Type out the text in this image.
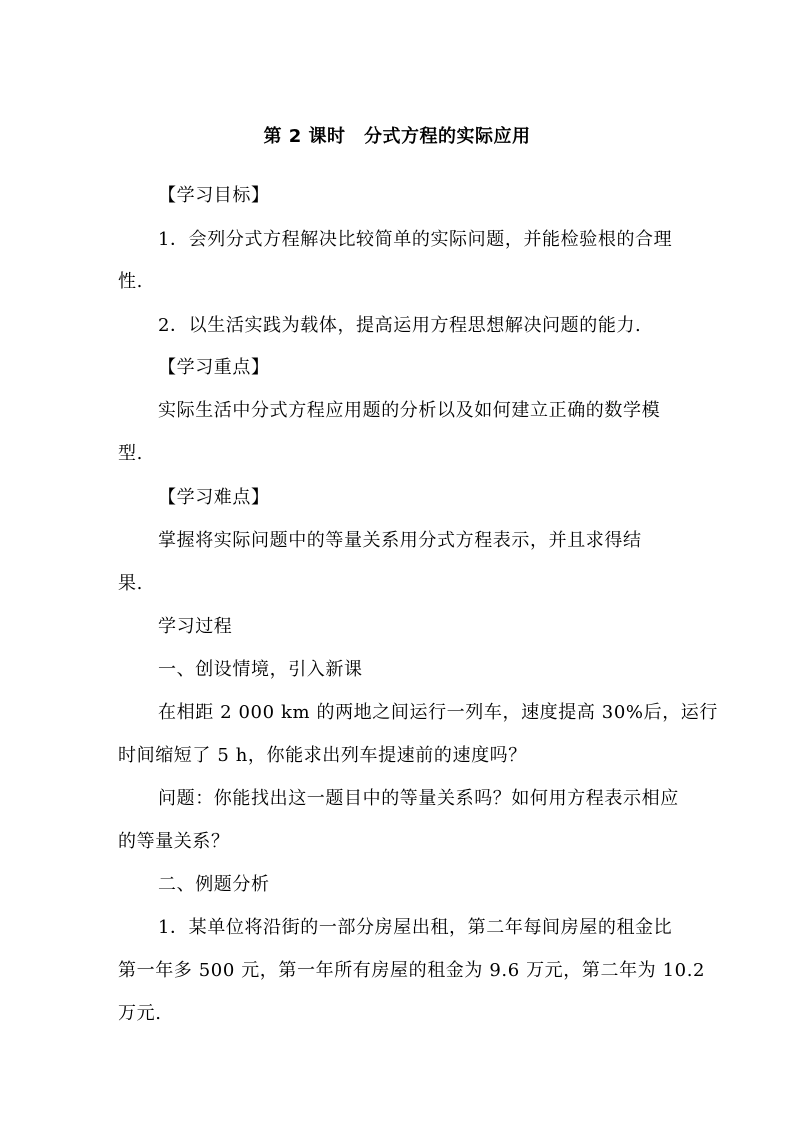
第 2 课时　分式方程的实际应用
【学习目标】
1．会列分式方程解决比较简单的实际问题，并能检验根的合理
性.
2．以生活实践为载体，提高运用方程思想解决问题的能力.
【学习重点】
实际生活中分式方程应用题的分析以及如何建立正确的数学模
型.
【学习难点】
掌握将实际问题中的等量关系用分式方程表示，并且求得结
果.
学习过程
一、创设情境，引入新课
在相距 2 000 km 的两地之间运行一列车，速度提高 30%后，运行
时间缩短了 5 h，你能求出列车提速前的速度吗？
问题：你能找出这一题目中的等量关系吗？如何用方程表示相应
的等量关系？
二、例题分析
1．某单位将沿街的一部分房屋出租，第二年每间房屋的租金比
第一年多 500 元，第一年所有房屋的租金为 9.6 万元，第二年为 10.2
万元.
